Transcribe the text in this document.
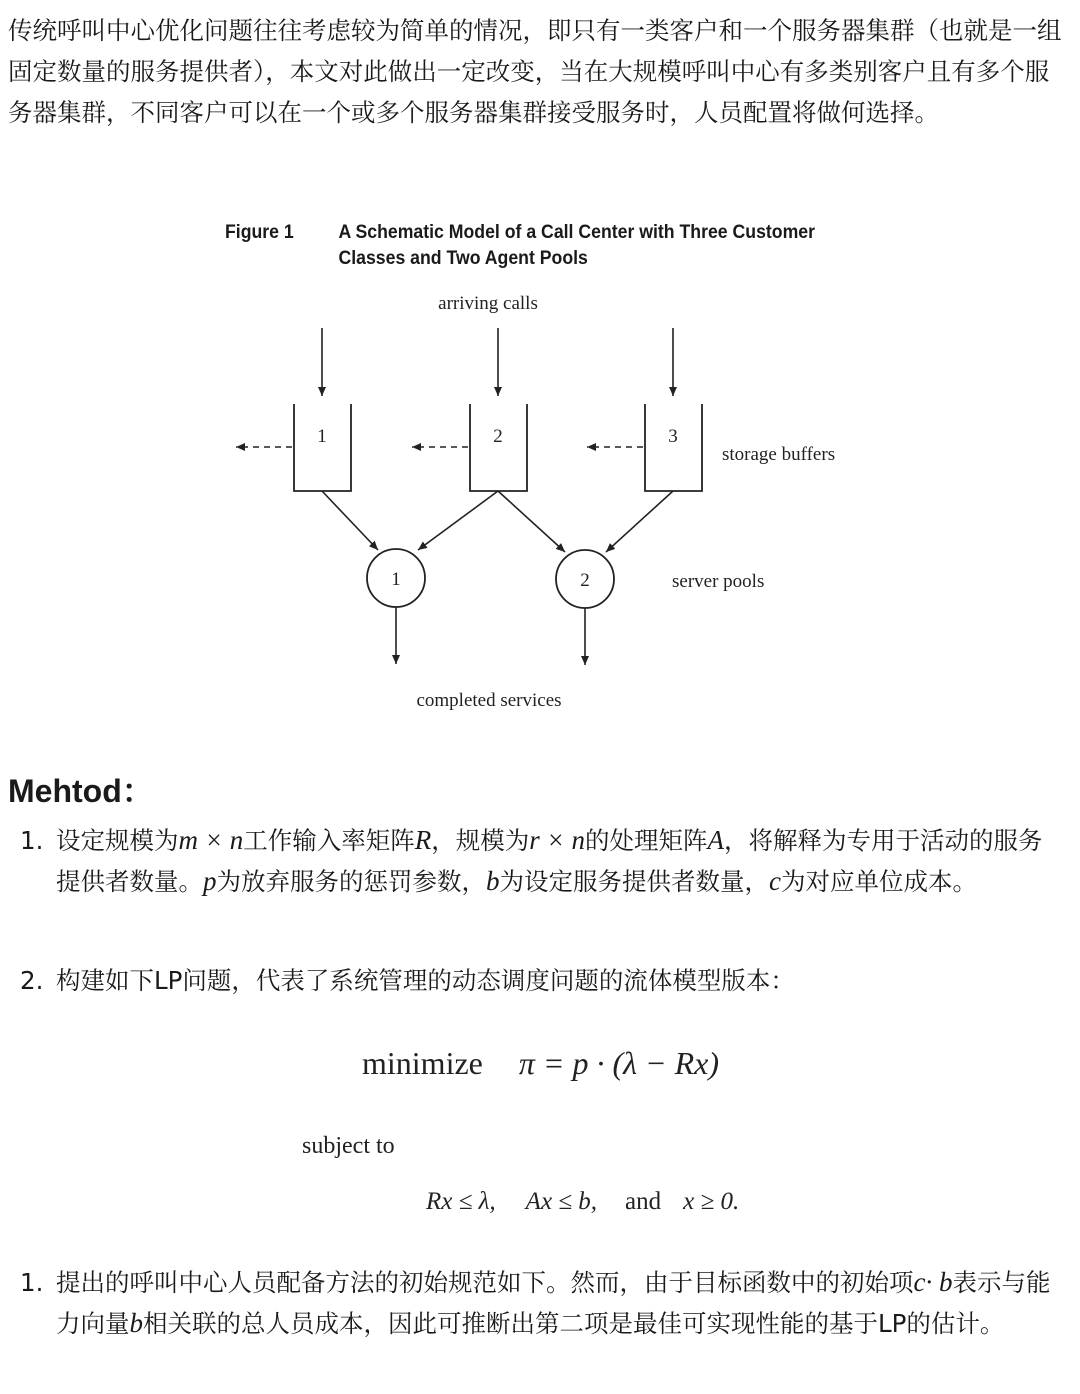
传统呼叫中心优化问题往往考虑较为简单的情况，即只有一类客户和一个服务器集群（也就是一组固定数量的服务提供者），本文对此做出一定改变，当在大规模呼叫中心有多类别客户且有多个服务器集群，不同客户可以在一个或多个服务器集群接受服务时，人员配置将做何选择。

Figure 1 A Schematic Model of a Call Center with Three Customer Classes and Two Agent Pools
arriving calls
1	2	3
storage buffers
1	2	server pools
completed services
Mehtod：
1. 设定规模为m × n工作输入率矩阵R，规模为r × n的处理矩阵A，将解释为专用于活动的服务提供者数量。p为放弃服务的惩罚参数，b为设定服务提供者数量，c为对应单位成本。
2. 构建如下LP问题，代表了系统管理的动态调度问题的流体模型版本：
minimize π = p · (λ − Rx)
subject to
Rx ≤ λ, Ax ≤ b, and x ≥ 0.
1. 提出的呼叫中心人员配备方法的初始规范如下。然而，由于目标函数中的初始项c· b表示与能力向量b相关联的总人员成本，因此可推断出第二项是最佳可实现性能的基于LP的估计。
